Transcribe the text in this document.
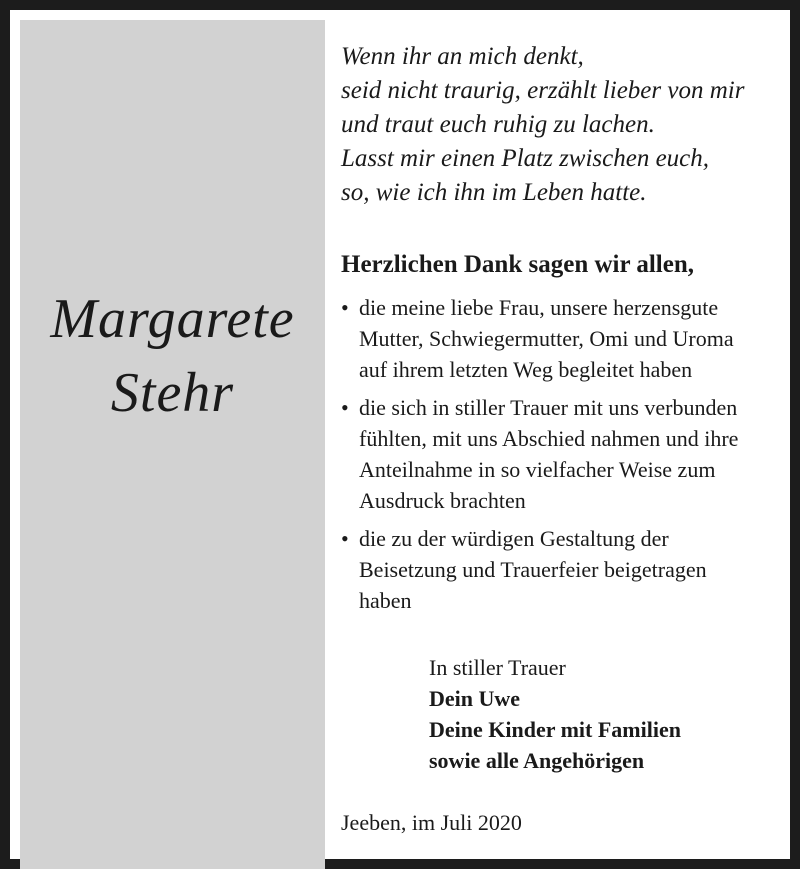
Margarete
Stehr
Wenn ihr an mich denkt,
seid nicht traurig, erzählt lieber von mir
und traut euch ruhig zu lachen.
Lasst mir einen Platz zwischen euch,
so, wie ich ihn im Leben hatte.
Herzlichen Dank sagen wir allen,
• die meine liebe Frau, unsere herzensgute
Mutter, Schwiegermutter, Omi und Uroma
auf ihrem letzten Weg begleitet haben
• die sich in stiller Trauer mit uns verbunden
fühlten, mit uns Abschied nahmen und ihre
Anteilnahme in so vielfacher Weise zum
Ausdruck brachten
• die zu der würdigen Gestaltung der
Beisetzung und Trauerfeier beigetragen
haben
In stiller Trauer
Dein Uwe
Deine Kinder mit Familien
sowie alle Angehörigen
Jeeben, im Juli 2020
